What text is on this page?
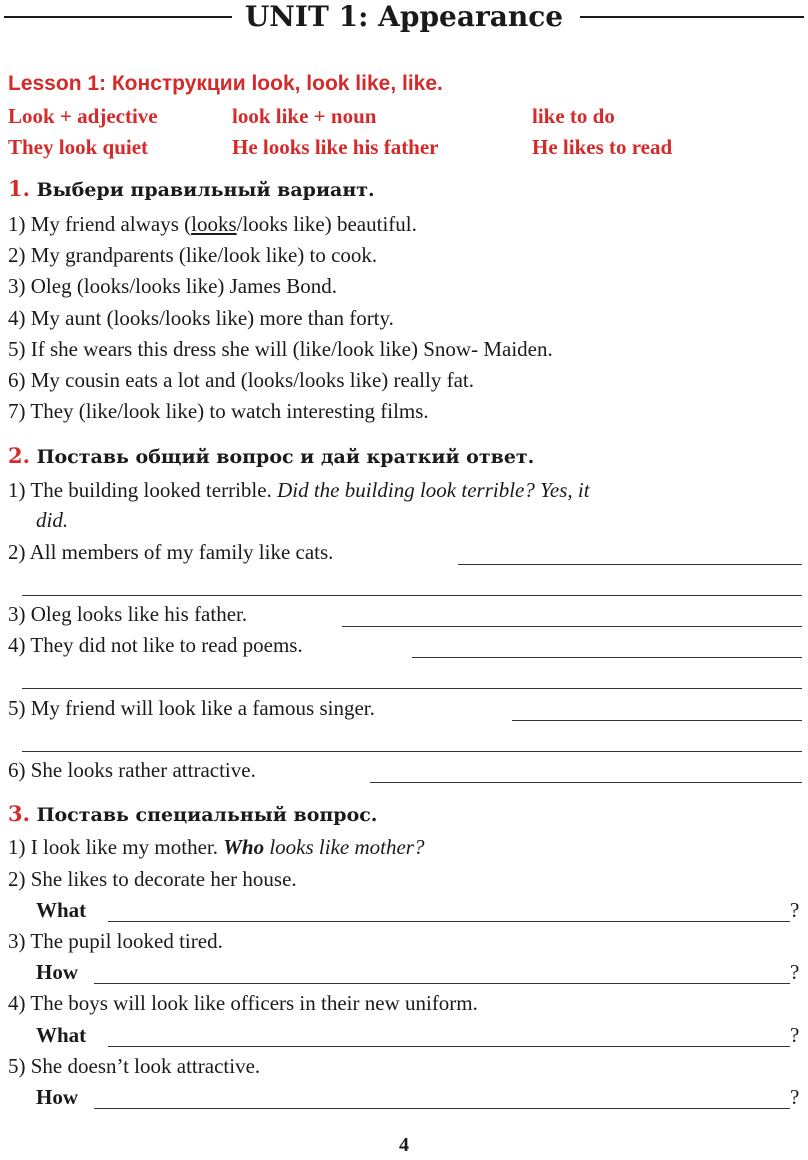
UNIT 1: Appearance
Lesson 1: Конструкции look, look like, like.
Look + adjective	look like + noun	like to do
They look quiet	He looks like his father	He likes to read
1. Выбери правильный вариант.
1) My friend always (looks/looks like) beautiful.
2) My grandparents (like/look like) to cook.
3) Oleg (looks/looks like) James Bond.
4) My aunt (looks/looks like) more than forty.
5) If she wears this dress she will (like/look like) Snow- Maiden.
6) My cousin eats a lot and (looks/looks like) really fat.
7) They (like/look like) to watch interesting films.
2. Поставь общий вопрос и дай краткий ответ.
1) The building looked terrible. Did the building look terrible? Yes, it
did.
2) All members of my family like cats.
3) Oleg looks like his father.
4) They did not like to read poems.
5) My friend will look like a famous singer.
6) She looks rather attractive.
3. Поставь специальный вопрос.
1) I look like my mother. Who looks like mother?
2) She likes to decorate her house.
What	?
3) The pupil looked tired.
How	?
4) The boys will look like officers in their new uniform.
What	?
5) She doesn’t look attractive.
How	?
4
